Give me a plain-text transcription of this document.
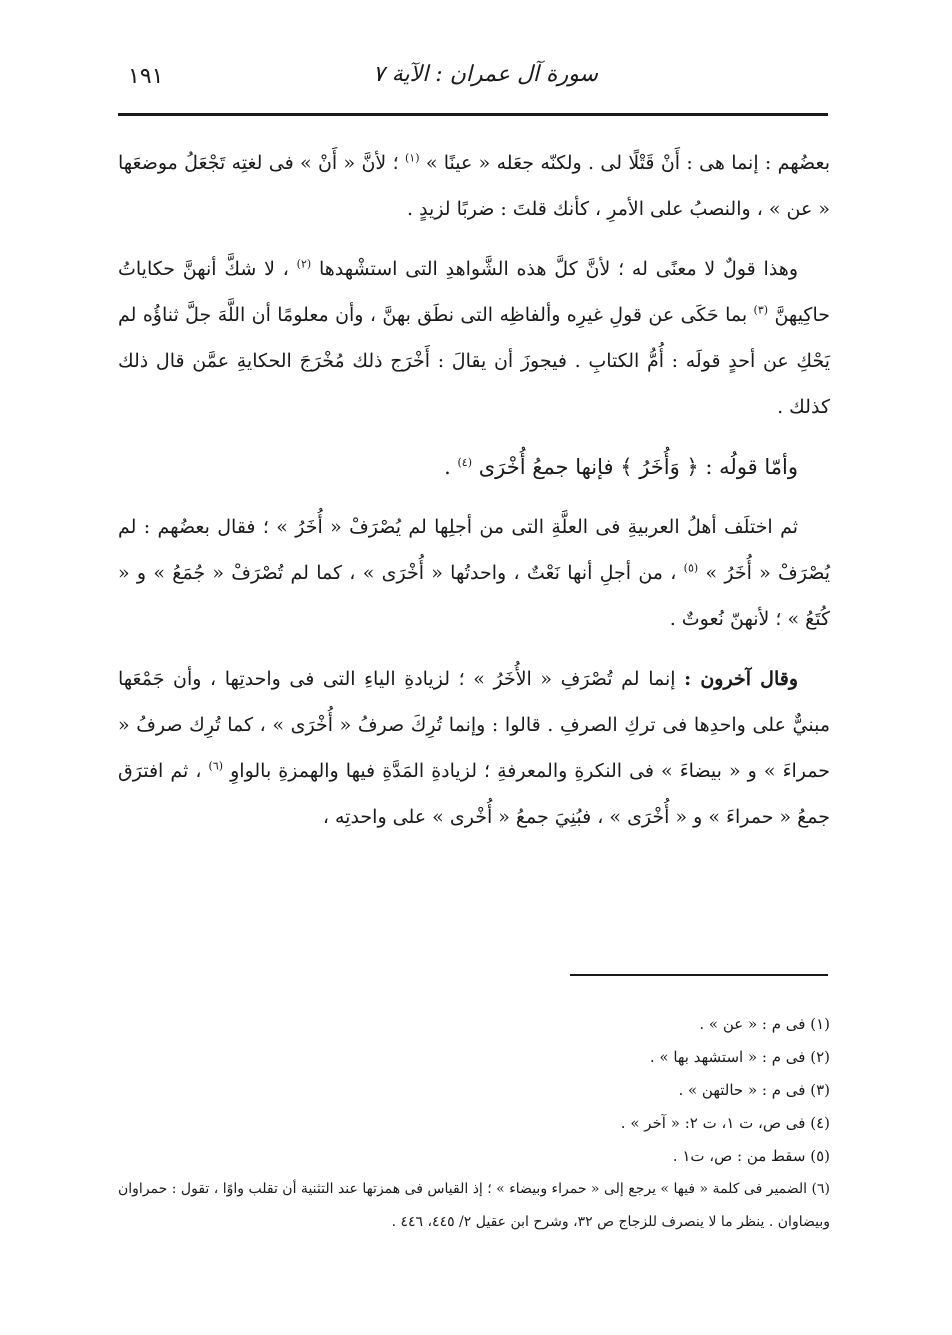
سورة آل عمران : الآية ٧
١٩١

بعضُهم : إنما هى : أَنْ قَتْلًا لى . ولكنّه جعَله « عينًا » $^{(١)}$ ؛ لأنَّ « أَنْ » فى لغتِه تَجْعَلُ موضعَها « عن » ، والنصبُ على الأمرِ ، كأنك قلتَ : ضربًا لزيدٍ .

وهذا قولٌ لا معنًى له ؛ لأنَّ كلَّ هذه الشَّواهدِ التى استشْهدها $^{(٢)}$ ، لا شكَّ أنهنَّ حكاياتُ حاكِيهنَّ $^{(٣)}$ بما حَكَى عن قولِ غيرِه وألفاظِه التى نطَق بهنَّ ، وأن معلومًا أن اللَّهَ جلَّ ثناؤُه لم يَحْكِ عن أحدٍ قولَه : أُمُّ الكتابِ . فيجوزَ أن يقالَ : أَخْرَج ذلك مُخْرَجَ الحكايةِ عمَّن قال ذلك كذلك .

وأمّا قولُه : ﴿ وَأُخَرُ ﴾ فإنها جمعُ أُخْرَى $^{(٤)}$ .

ثم اختلَف أهلُ العربيةِ فى العلَّةِ التى من أجلِها لم يُصْرَفْ « أُخَرُ » ؛ فقال بعضُهم : لم يُصْرَفْ « أُخَرُ » $^{(٥)}$ ، من أجلِ أنها نَعْتٌ ، واحدتُها « أُخْرَى » ، كما لم تُصْرَفْ « جُمَعُ » و « كُتَعُ » ؛ لأنهنّ نُعوتٌ .

وقال آخرون : إنما لم تُصْرَفِ « الأُخَرُ » ؛ لزيادةِ الياءِ التى فى واحدتِها ، وأن جَمْعَها مبنيٌّ على واحدِها فى تركِ الصرفِ . قالوا : وإنما تُرِكَ صرفُ « أُخْرَى » ، كما تُرِك صرفُ « حمراءَ » و « بيضاءَ » فى النكرةِ والمعرفةِ ؛ لزيادةِ المَدَّةِ فيها والهمزةِ بالواوِ $^{(٦)}$ ، ثم افترَق جمعُ « حمراءَ » و « أُخْرَى » ، فبُنِيَ جمعُ « أُخْرى » على واحدتِه ،

(١) فى م : « عن » .

(٢) فى م : « استشهد بها » .

(٣) فى م : « حالتهن » .

(٤) فى ص، ت ١، ت ٢: « آخر » .

(٥) سقط من : ص، ت١ .

(٦) الضمير فى كلمة « فيها » يرجع إلى « حمراء وبيضاء » ؛ إذ القياس فى همزتها عند التثنية أن تقلب واوًا ، تقول : حمراوان وبيضاوان . ينظر ما لا ينصرف للزجاج ص ٣٢، وشرح ابن عقيل ٢/ ٤٤٥، ٤٤٦ .
